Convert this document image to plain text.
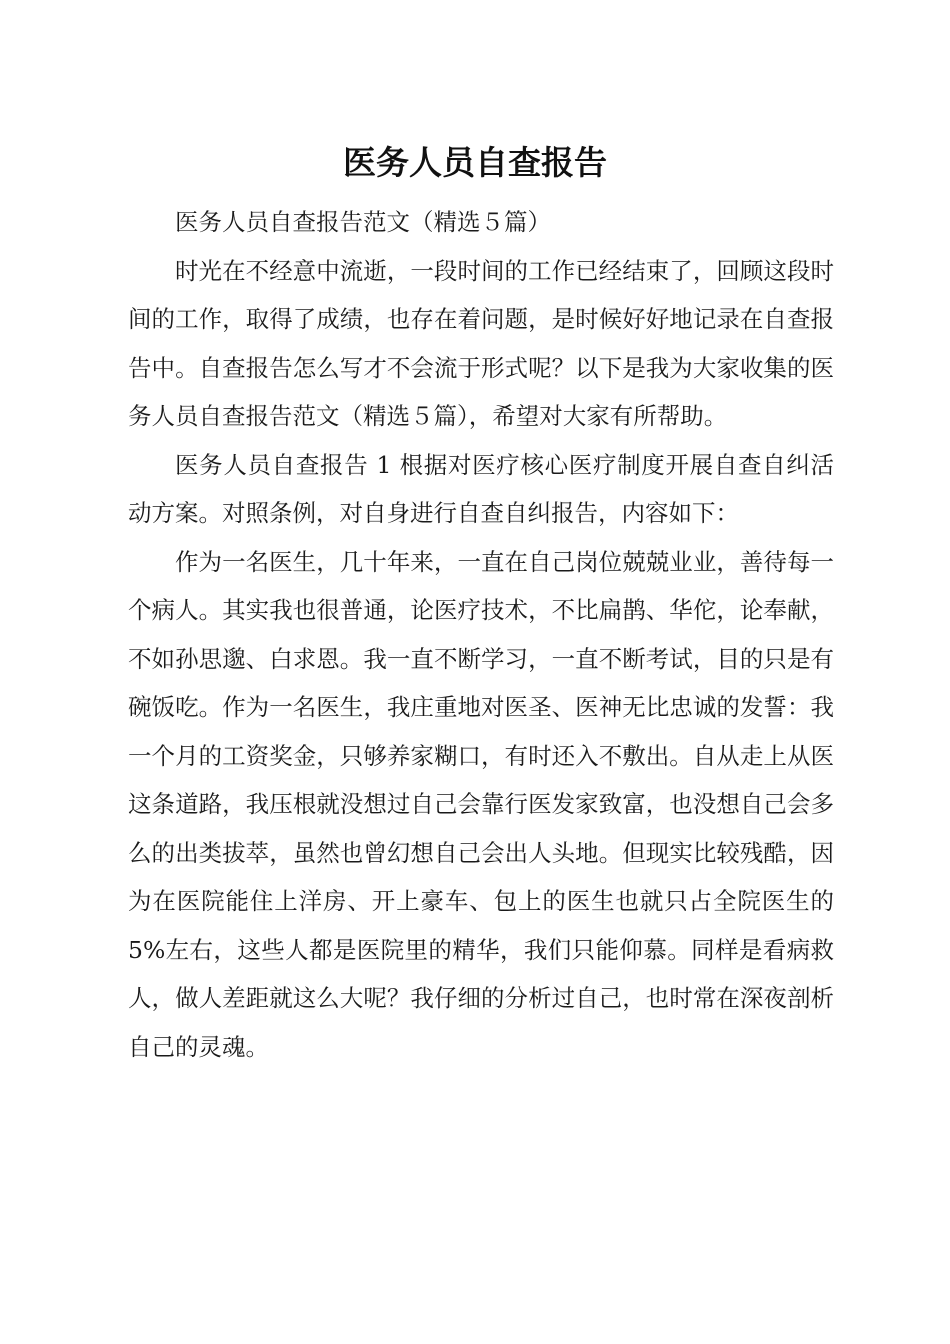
医务人员自查报告

医务人员自查报告范文（精选５篇）

时光在不经意中流逝，一段时间的工作已经结束了，回顾这段时间的工作，取得了成绩，也存在着问题，是时候好好地记录在自查报告中。自查报告怎么写才不会流于形式呢？以下是我为大家收集的医务人员自查报告范文（精选５篇），希望对大家有所帮助。

医务人员自查报告 1 根据对医疗核心医疗制度开展自查自纠活动方案。对照条例，对自身进行自查自纠报告，内容如下：

作为一名医生，几十年来，一直在自己岗位兢兢业业，善待每一个病人。其实我也很普通，论医疗技术，不比扁鹊、华佗，论奉献，不如孙思邈、白求恩。我一直不断学习，一直不断考试，目的只是有碗饭吃。作为一名医生，我庄重地对医圣、医神无比忠诚的发誓：我一个月的工资奖金，只够养家糊口，有时还入不敷出。自从走上从医这条道路，我压根就没想过自己会靠行医发家致富，也没想自己会多么的出类拔萃，虽然也曾幻想自己会出人头地。但现实比较残酷，因为在医院能住上洋房、开上豪车、包上的医生也就只占全院医生的 5%左右，这些人都是医院里的精华，我们只能仰慕。同样是看病救人，做人差距就这么大呢？我仔细的分析过自己，也时常在深夜剖析自己的灵魂。
